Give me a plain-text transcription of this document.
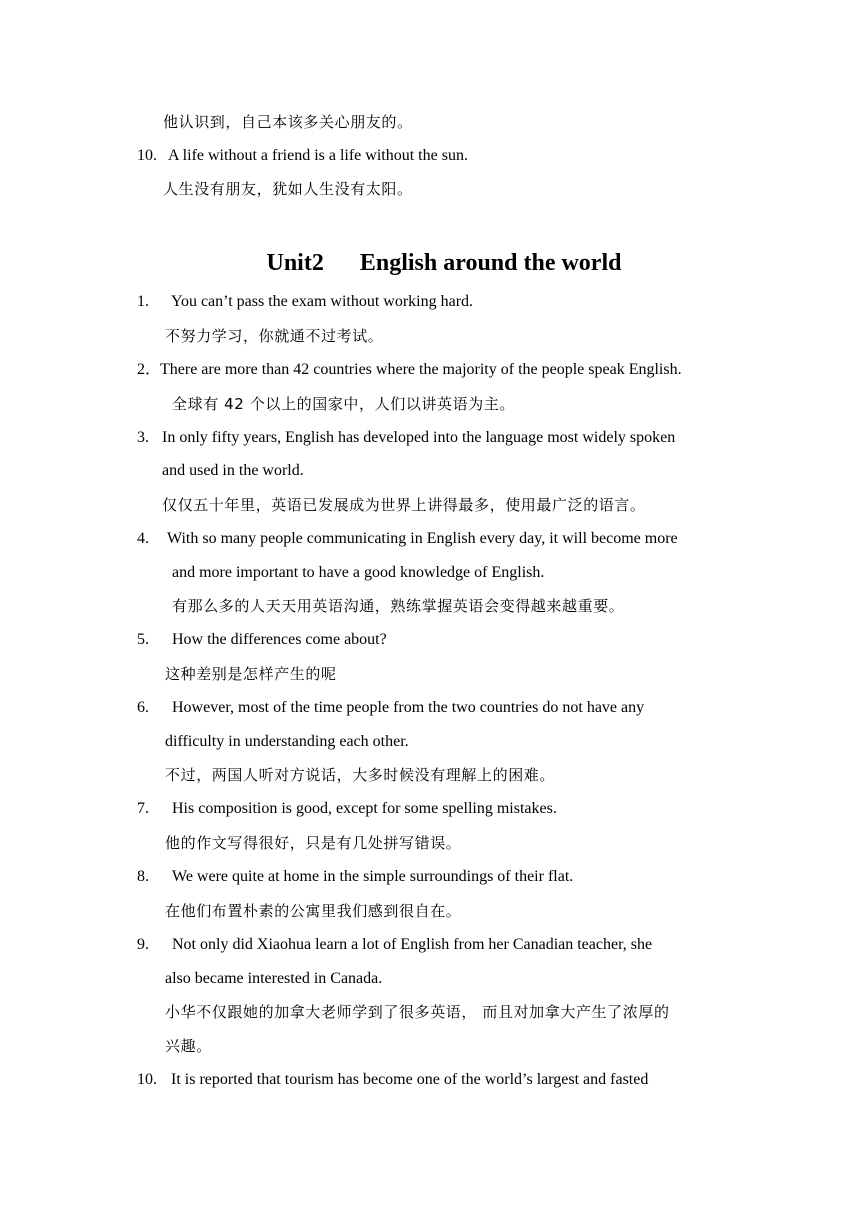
他认识到，自己本该多关心朋友的。
10. A life without a friend is a life without the sun.
人生没有朋友，犹如人生没有太阳。
Unit2      English around the world
1. You can’t pass the exam without working hard.
不努力学习，你就通不过考试。
2．
There are more than 42 countries where the majority of the people speak English.
全球有 42 个以上的国家中，人们以讲英语为主。
3. In only fifty years, English has developed into the language most widely spoken
and used in the world.
仅仅五十年里，英语已发展成为世界上讲得最多，使用最广泛的语言。
4. With so many people communicating in English every day, it will become more
and more important to have a good knowledge of English.
有那么多的人天天用英语沟通，熟练掌握英语会变得越来越重要。
5. How the differences come about?
这种差别是怎样产生的呢
6. However, most of the time people from the two countries do not have any
difficulty in understanding each other.
不过，两国人听对方说话，大多时候没有理解上的困难。
7. His composition is good, except for some spelling mistakes.
他的作文写得很好，只是有几处拼写错误。
8. We were quite at home in the simple surroundings of their flat.
在他们布置朴素的公寓里我们感到很自在。
9. Not only did Xiaohua learn a lot of English from her Canadian teacher, she
also became interested in Canada.
小华不仅跟她的加拿大老师学到了很多英语， 而且对加拿大产生了浓厚的
兴趣。
10. It is reported that tourism has become one of the world’s largest and fasted
